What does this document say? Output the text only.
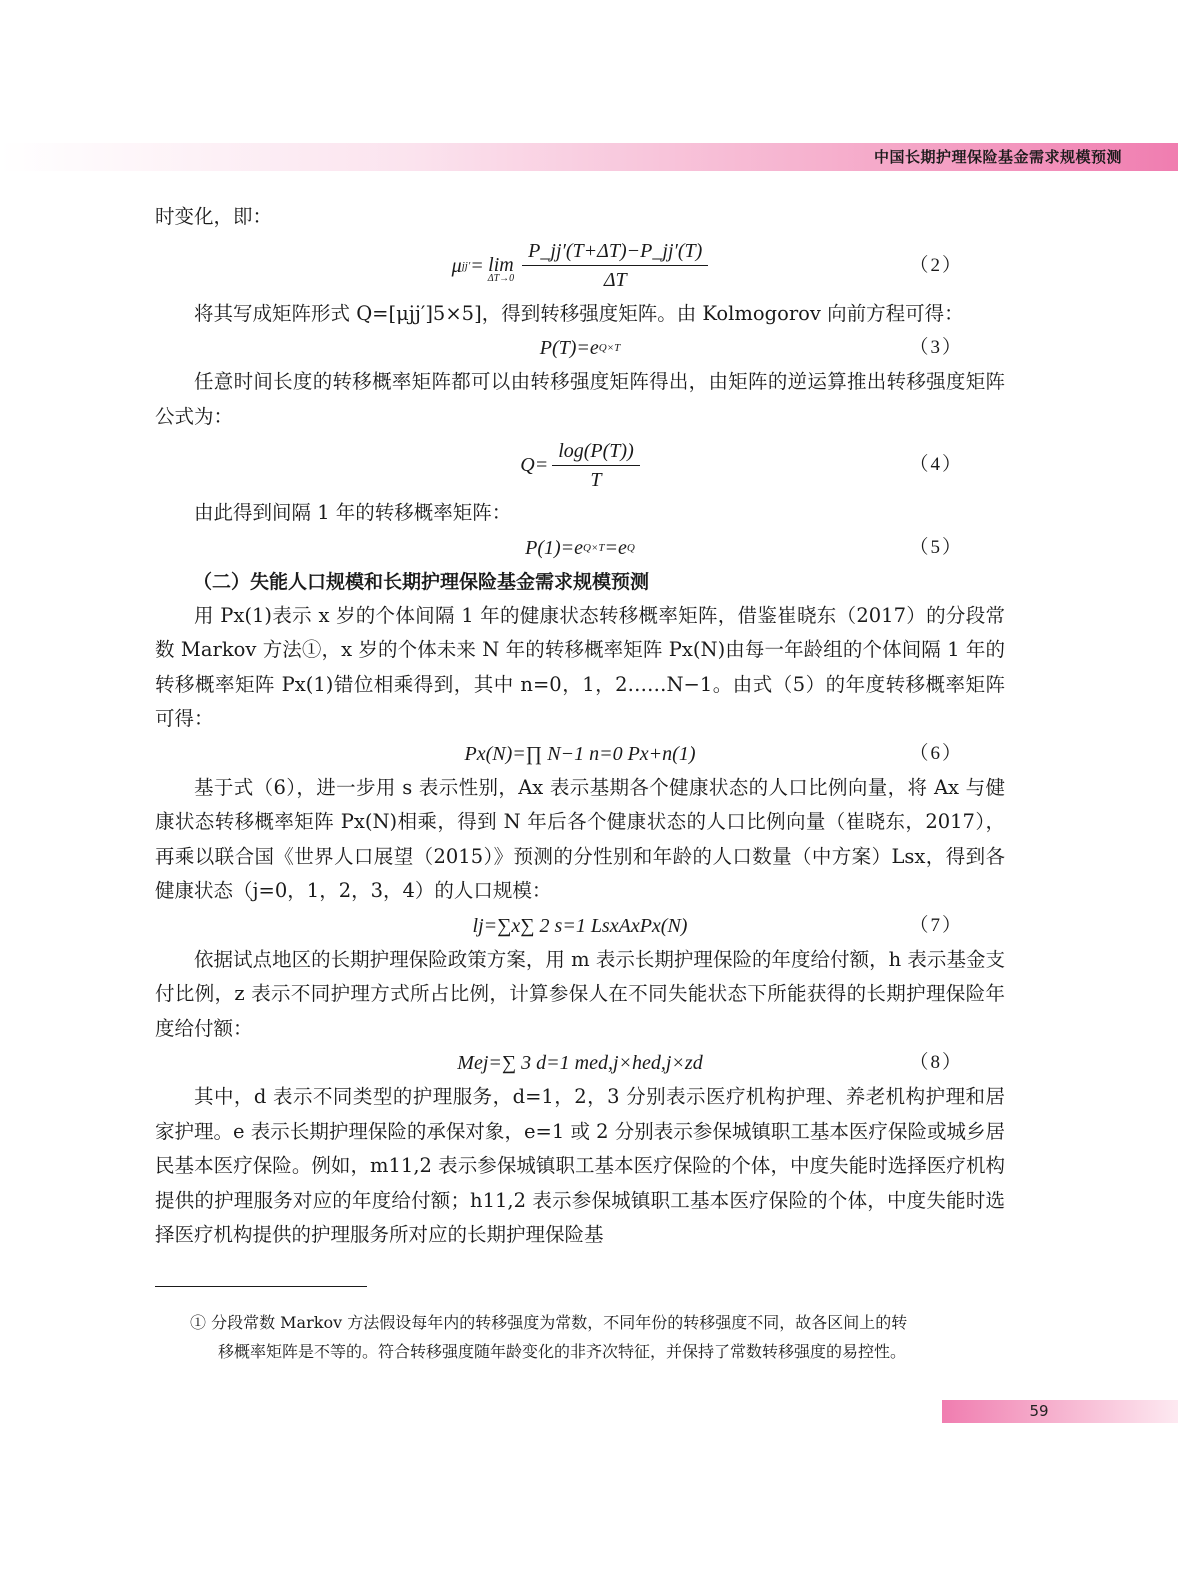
中国长期护理保险基金需求规模预测

时变化，即：

μ jj′ = lim
$\Delta T\to 0 \frac{P\_jj'(T+\Delta T)-P\_jj'(T)}{\Delta T}$	（2）

将其写成矩阵形式 Q=[μjj′]5×5]，得到转移强度矩阵。由 Kolmogorov 向前方程可得：

P(T)=e Q×T	（3）

任意时间长度的转移概率矩阵都可以由转移强度矩阵得出，由矩阵的逆运算推出转移强度矩阵公式为：

$Q= \frac{\log(P(T))}{T}$	（4）

由此得到间隔 1 年的转移概率矩阵：

P(1)=e Q×T =e Q	（5）
（二）失能人口规模和长期护理保险基金需求规模预测

用 Px(1)表示 x 岁的个体间隔 1 年的健康状态转移概率矩阵，借鉴崔晓东（2017）的分段常数 Markov 方法①，x 岁的个体未来 N 年的转移概率矩阵 Px(N)由每一年龄组的个体间隔 1 年的转移概率矩阵 Px(1)错位相乘得到，其中 n=0，1，2……N−1。由式（5）的年度转移概率矩阵可得：

Px(N)=∏ N−1 n=0 Px+n(1)	（6）

基于式（6），进一步用 s 表示性别，Ax 表示基期各个健康状态的人口比例向量，将 Ax 与健康状态转移概率矩阵 Px(N)相乘，得到 N 年后各个健康状态的人口比例向量（崔晓东，2017），再乘以联合国《世界人口展望（2015）》预测的分性别和年龄的人口数量（中方案）Lsx，得到各健康状态（j=0，1，2，3，4）的人口规模：

lj=∑x∑ 2 s=1 LsxAxPx(N)	（7）

依据试点地区的长期护理保险政策方案，用 m 表示长期护理保险的年度给付额，h 表示基金支付比例，z 表示不同护理方式所占比例，计算参保人在不同失能状态下所能获得的长期护理保险年度给付额：

Mej=∑ 3 d=1 med,j×hed,j×zd	（8）

其中，d 表示不同类型的护理服务，d=1，2，3 分别表示医疗机构护理、养老机构护理和居家护理。e 表示长期护理保险的承保对象，e=1 或 2 分别表示参保城镇职工基本医疗保险或城乡居民基本医疗保险。例如，m11,2 表示参保城镇职工基本医疗保险的个体，中度失能时选择医疗机构提供的护理服务对应的年度给付额；h11,2 表示参保城镇职工基本医疗保险的个体，中度失能时选择医疗机构提供的护理服务所对应的长期护理保险基

① 分段常数 Markov 方法假设每年内的转移强度为常数，不同年份的转移强度不同，故各区间上的转
移概率矩阵是不等的。符合转移强度随年龄变化的非齐次特征，并保持了常数转移强度的易控性。
59
